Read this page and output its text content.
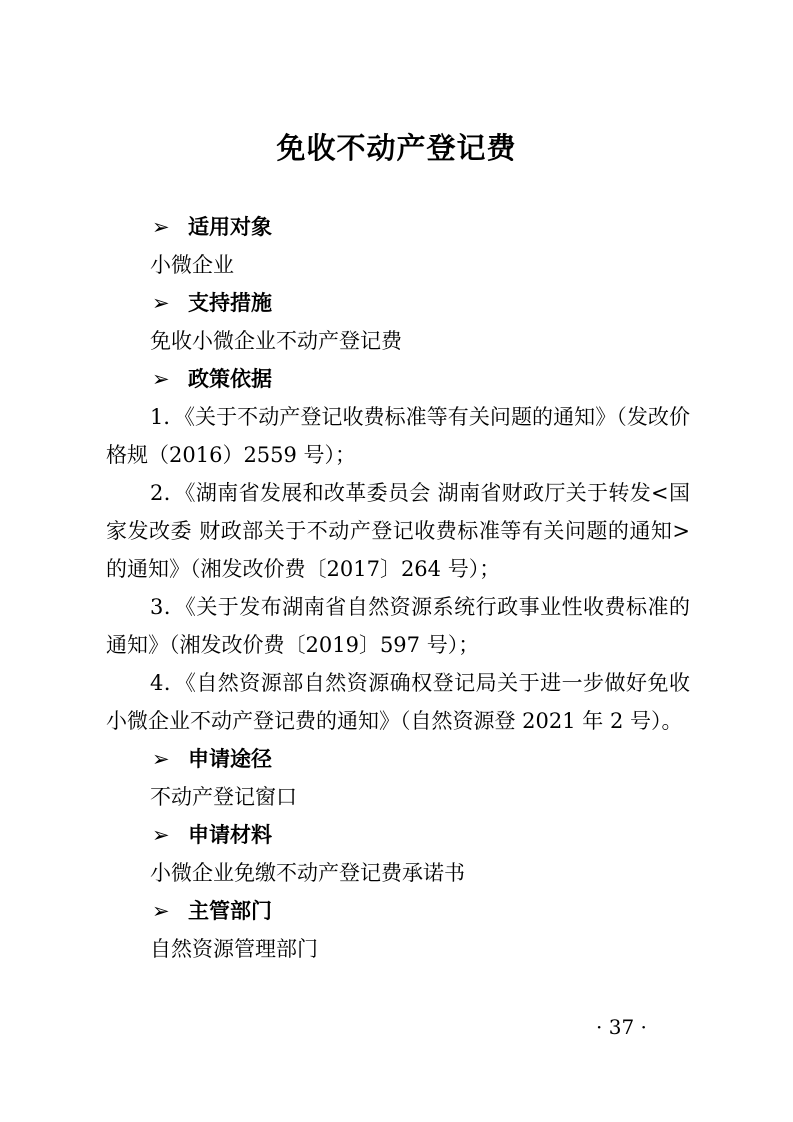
免收不动产登记费
➢ 适用对象
小微企业
➢ 支持措施
免收小微企业不动产登记费
➢ 政策依据
1．《关于不动产登记收费标准等有关问题的通知》（发改价格规（2016）2559 号）；
2．《湖南省发展和改革委员会 湖南省财政厅关于转发<国家发改委 财政部关于不动产登记收费标准等有关问题的通知>的通知》（湘发改价费〔2017〕264 号）；
3．《关于发布湖南省自然资源系统行政事业性收费标准的通知》（湘发改价费〔2019〕597 号）；
4．《自然资源部自然资源确权登记局关于进一步做好免收小微企业不动产登记费的通知》（自然资源登 2021 年 2 号）。
➢ 申请途径
不动产登记窗口
➢ 申请材料
小微企业免缴不动产登记费承诺书
➢ 主管部门
自然资源管理部门
· 37 ·
